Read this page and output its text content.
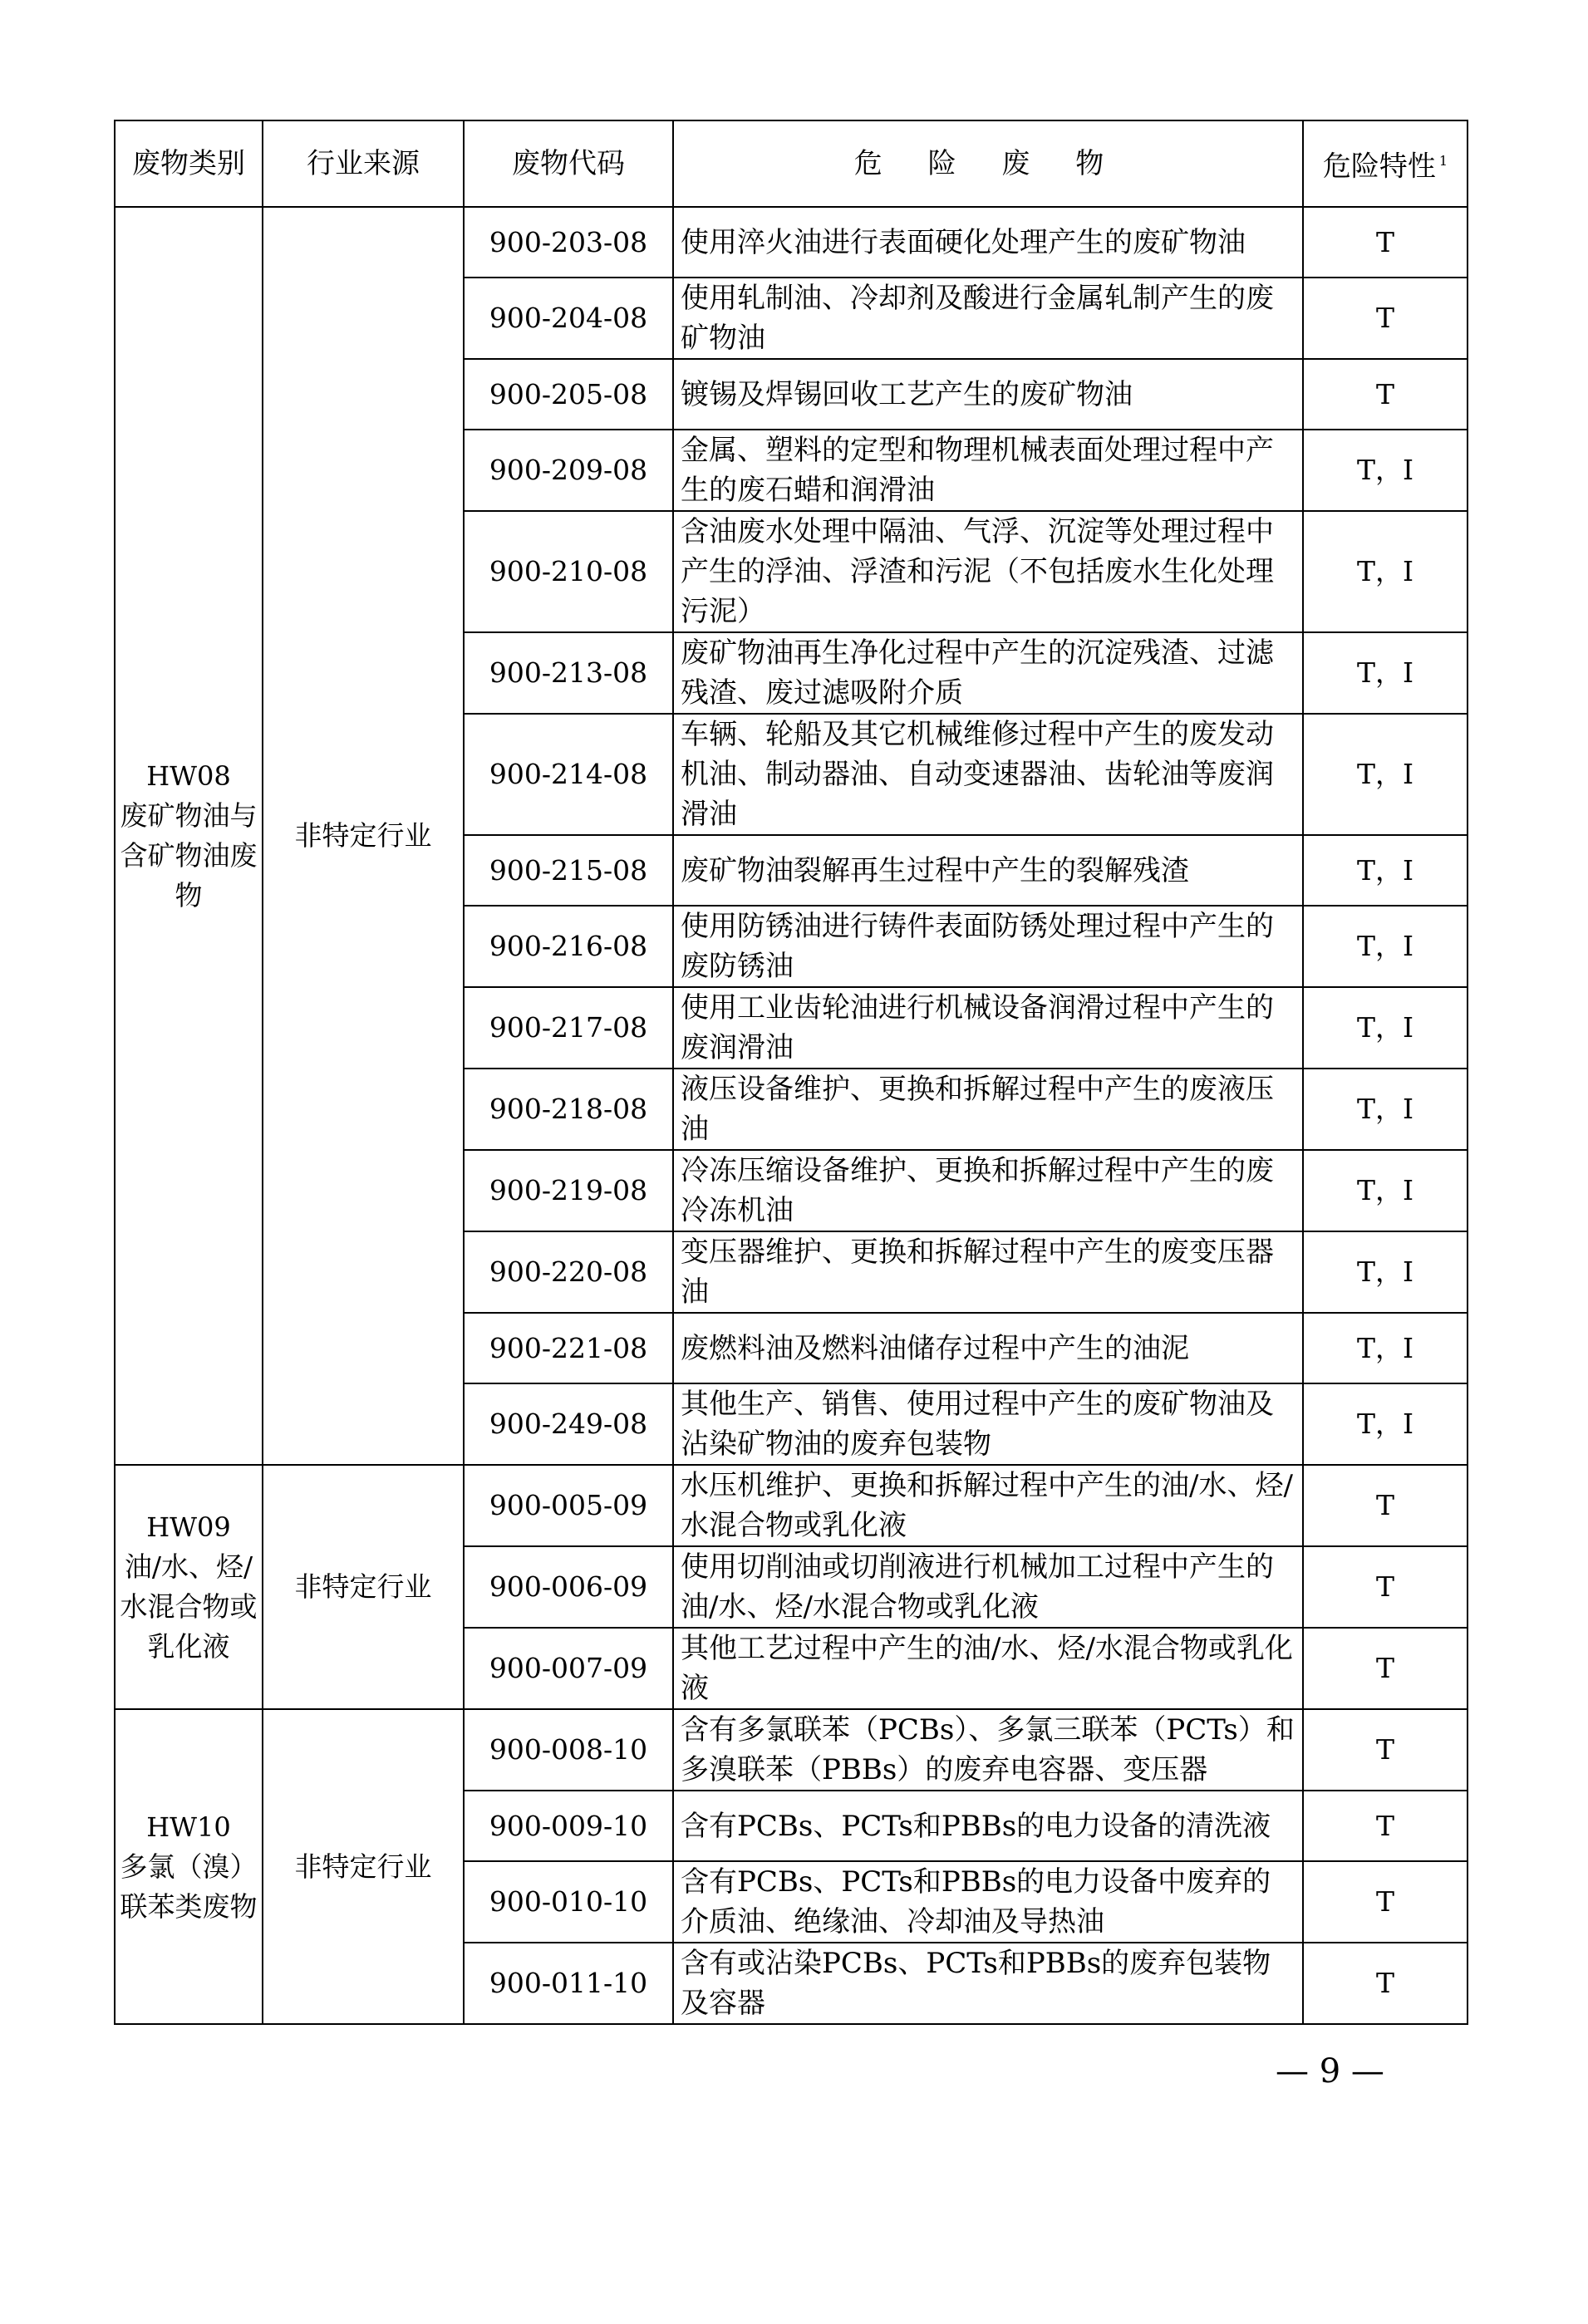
废物类别	行业来源	废物代码	危 险 废 物	危险特性 $^1$

HW08
废矿物油与含矿物油废物	非特定行业	900-203-08	使用淬火油进行表面硬化处理产生的废矿物油	T
		900-204-08	使用轧制油、冷却剂及酸进行金属轧制产生的废矿物油	T
		900-205-08	镀锡及焊锡回收工艺产生的废矿物油	T
		900-209-08	金属、塑料的定型和物理机械表面处理过程中产生的废石蜡和润滑油	T，I
		900-210-08	含油废水处理中隔油、气浮、沉淀等处理过程中产生的浮油、浮渣和污泥（不包括废水生化处理污泥）	T，I
		900-213-08	废矿物油再生净化过程中产生的沉淀残渣、过滤残渣、废过滤吸附介质	T，I
		900-214-08	车辆、轮船及其它机械维修过程中产生的废发动机油、制动器油、自动变速器油、齿轮油等废润滑油	T，I
		900-215-08	废矿物油裂解再生过程中产生的裂解残渣	T，I
		900-216-08	使用防锈油进行铸件表面防锈处理过程中产生的废防锈油	T，I
		900-217-08	使用工业齿轮油进行机械设备润滑过程中产生的废润滑油	T，I
		900-218-08	液压设备维护、更换和拆解过程中产生的废液压油	T，I
		900-219-08	冷冻压缩设备维护、更换和拆解过程中产生的废冷冻机油	T，I
		900-220-08	变压器维护、更换和拆解过程中产生的废变压器油	T，I
		900-221-08	废燃料油及燃料油储存过程中产生的油泥	T，I
		900-249-08	其他生产、销售、使用过程中产生的废矿物油及沾染矿物油的废弃包装物	T，I

HW09
油/水、烃/水混合物或乳化液	非特定行业	900-005-09	水压机维护、更换和拆解过程中产生的油/水、烃/水混合物或乳化液	T
		900-006-09	使用切削油或切削液进行机械加工过程中产生的油/水、烃/水混合物或乳化液	T
		900-007-09	其他工艺过程中产生的油/水、烃/水混合物或乳化液	T

HW10
多氯（溴）联苯类废物	非特定行业	900-008-10	含有多氯联苯（PCBs）、多氯三联苯（PCTs）和多溴联苯（PBBs）的废弃电容器、变压器	T
		900-009-10	含有PCBs、PCTs和PBBs的电力设备的清洗液	T
		900-010-10	含有PCBs、PCTs和PBBs的电力设备中废弃的介质油、绝缘油、冷却油及导热油	T
		900-011-10	含有或沾染PCBs、PCTs和PBBs的废弃包装物及容器	T
— 9 —
